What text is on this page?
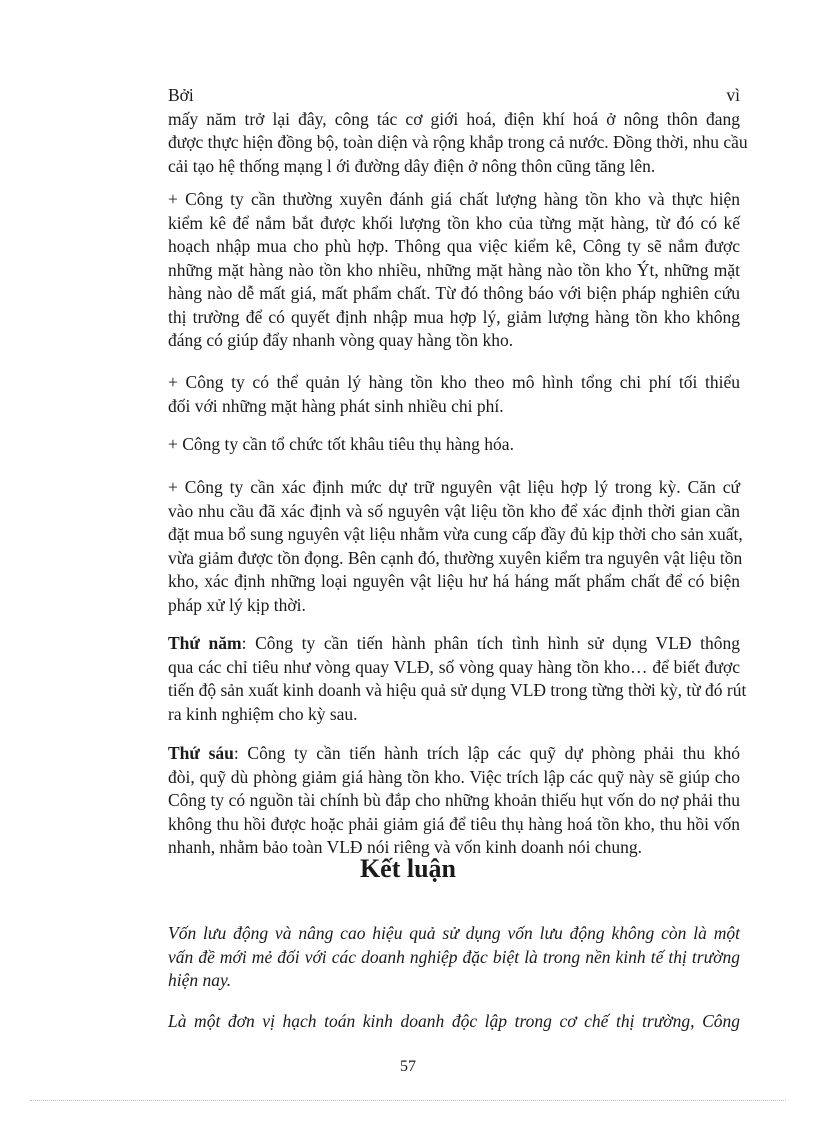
Bởi	vì
mấy năm trở lại đây, công tác cơ giới hoá, điện khí hoá ở nông thôn đang
được thực hiện đồng bộ, toàn diện và rộng khắp trong cả nước. Đồng thời, nhu cầu
cải tạo hệ thống mạng l ới đường dây điện ở nông thôn cũng tăng lên.
+ Công ty cần thường xuyên đánh giá chất lượng hàng tồn kho và thực hiện
kiểm kê để nắm bắt được khối lượng tồn kho của từng mặt hàng, từ đó có kế
hoạch nhập mua cho phù hợp. Thông qua việc kiểm kê, Công ty sẽ nắm được
những mặt hàng nào tồn kho nhiều, những mặt hàng nào tồn kho Ýt, những mặt
hàng nào dễ mất giá, mất phẩm chất. Từ đó thông báo với biện pháp nghiên cứu
thị trường để có quyết định nhập mua hợp lý, giảm lượng hàng tồn kho không
đáng có giúp đẩy nhanh vòng quay hàng tồn kho.
+ Công ty có thể quản lý hàng tồn kho theo mô hình tổng chi phí tối thiểu
đối với những mặt hàng phát sinh nhiều chi phí.
+ Công ty cần tổ chức tốt khâu tiêu thụ hàng hóa.
+ Công ty cần xác định mức dự trữ nguyên vật liệu hợp lý trong kỳ. Căn cứ
vào nhu cầu đã xác định và số nguyên vật liệu tồn kho để xác định thời gian cần
đặt mua bổ sung nguyên vật liệu nhằm vừa cung cấp đầy đủ kịp thời cho sản xuất,
vừa giảm được tồn đọng. Bên cạnh đó, thường xuyên kiểm tra nguyên vật liệu tồn
kho, xác định những loại nguyên vật liệu hư há háng mất phẩm chất để có biện
pháp xử lý kịp thời.
Thứ năm: Công ty cần tiến hành phân tích tình hình sử dụng VLĐ thông
qua các chỉ tiêu như vòng quay VLĐ, số vòng quay hàng tồn kho… để biết được
tiến độ sản xuất kinh doanh và hiệu quả sử dụng VLĐ trong từng thời kỳ, từ đó rút
ra kinh nghiệm cho kỳ sau.
Thứ sáu: Công ty cần tiến hành trích lập các quỹ dự phòng phải thu khó
đòi, quỹ dù phòng giảm giá hàng tồn kho. Việc trích lập các quỹ này sẽ giúp cho
Công ty có nguồn tài chính bù đắp cho những khoản thiếu hụt vốn do nợ phải thu
không thu hồi được hoặc phải giảm giá để tiêu thụ hàng hoá tồn kho, thu hồi vốn
nhanh, nhằm bảo toàn VLĐ nói riêng và vốn kinh doanh nói chung.
Kết luận
Vốn lưu động và nâng cao hiệu quả sử dụng vốn lưu động không còn là một
vấn đề mới mẻ đối với các doanh nghiệp đặc biệt là trong nền kinh tế thị trường
hiện nay.
Là một đơn vị hạch toán kinh doanh độc lập trong cơ chế thị trường, Công
57
